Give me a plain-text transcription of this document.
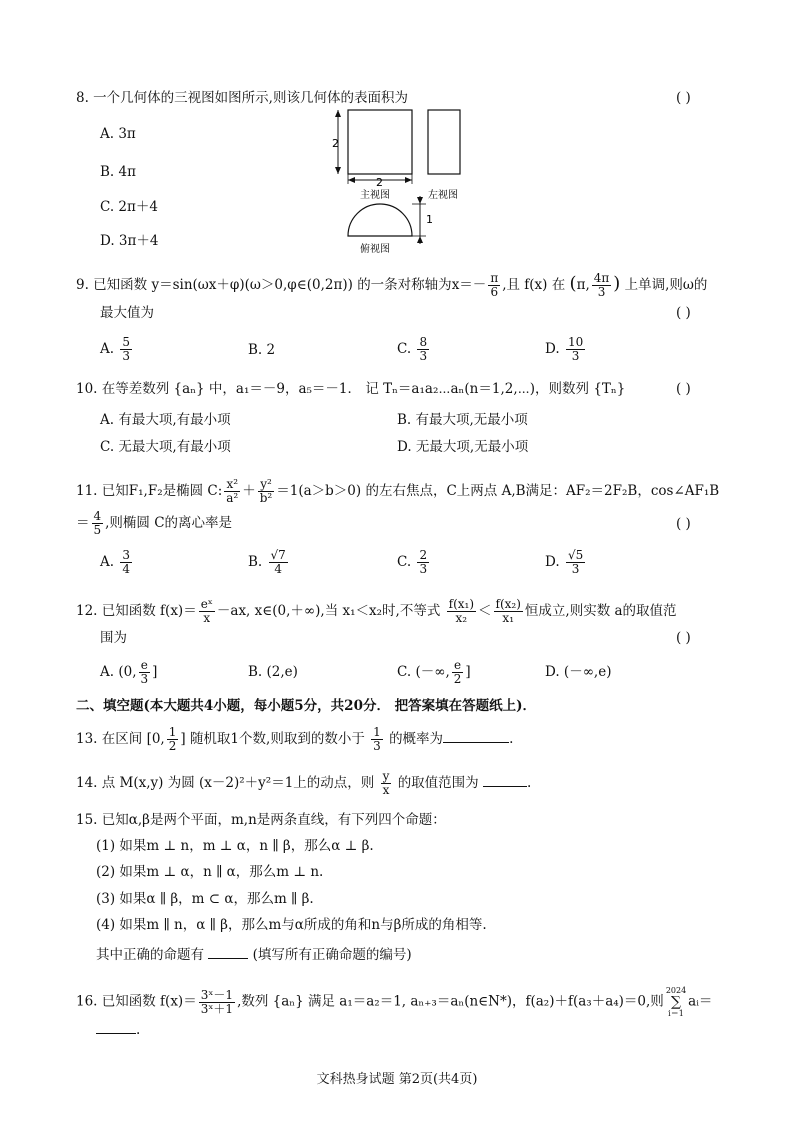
8. 一个几何体的三视图如图所示,则该几何体的表面积为	( )
A. 3π
B. 4π
C. 2π＋4
D. 3π＋4
2
2
主视图	左视图
1
俯视图
9. 已知函数 y＝sin(ωx＋φ)(ω＞0,φ∈(0,2π)) 的一条对称轴为$x=- \frac{\pi}{6}$ ,且 f(x) 在 (π, $\frac{4\pi}{3}$ ) 上单调,则ω的
最大值为	( )
A. $\frac{5}{3}$	B. 2	C. $\frac{8}{3}$	D. $\frac{10}{3}$
10. 在等差数列 {aₙ} 中，a₁＝－9，a₅＝－1． 记 Tₙ＝a₁a₂⋯aₙ(n＝1,2,⋯)，则数列 {Tₙ}	( )
A. 有最大项,有最小项	B. 有最大项,无最小项
C. 无最大项,有最小项	D. 无最大项,无最小项
11. 已知F₁,F₂是椭圆 C: $\frac{\text{x²}}{\text{a²}} + \frac{\text{y²}}{\text{b²}} =1(a>b>0)$ 的左右焦点，C上两点 A,B满足：AF₂＝2F₂B，cos∠AF₁B
＝ $\frac{4}{5}$ ,则椭圆 C的离心率是	( )
A. $\frac{3}{4}$	B. $\frac{√7}{4}$	C. $\frac{2}{3}$	D. $\frac{√5}{3}$
12. 已知函数 $f(x)= \frac{\text{eˣ}}{x} -ax$, x∈(0,＋∞),当 x₁＜x₂时,不等式 $\frac{\text{f(x₁)}}{\text{x₂}} < \frac{\text{f(x₂)}}{\text{x₁}}$ 恒成立,则实数 a的取值范
围为	( )
A. (0, $\frac{e}{3}$ ]	B. (2,e)	C. (－∞, $\frac{e}{2}$ ]	D. (－∞,e)
二、填空题(本大题共4小题，每小题5分，共20分． 把答案填在答题纸上)．
13. 在区间 [0, $\frac{1}{2}$ ] 随机取1个数,则取到的数小于 $\frac{1}{3}$ 的概率为	.
14. 点 M(x,y) 为圆 (x－2)²＋y²＝1上的动点，则 $\frac{y}{x}$ 的取值范围为	.
15. 已知α,β是两个平面，m,n是两条直线，有下列四个命题：
(1) 如果m ⊥ n，m ⊥ α，n ∥ β，那么α ⊥ β.
(2) 如果m ⊥ α，n ∥ α，那么m ⊥ n.
(3) 如果α ∥ β，m ⊂ α，那么m ∥ β.
(4) 如果m ∥ n，α ∥ β，那么m与α所成的角和n与β所成的角相等.
其中正确的命题有	(填写所有正确命题的编号)
16. 已知函数 $f(x)= \frac{\text{3ˣ－1}}{\text{3ˣ＋1}}$ ,数列 {aₙ} 满足 a₁＝a₂＝1, aₙ₊₃＝aₙ(n∈N*)，f(a₂)＋f(a₃＋a₄)＝0,则
2024
∑
i＝1
aᵢ＝
.
文科热身试题 第2页(共4页)
